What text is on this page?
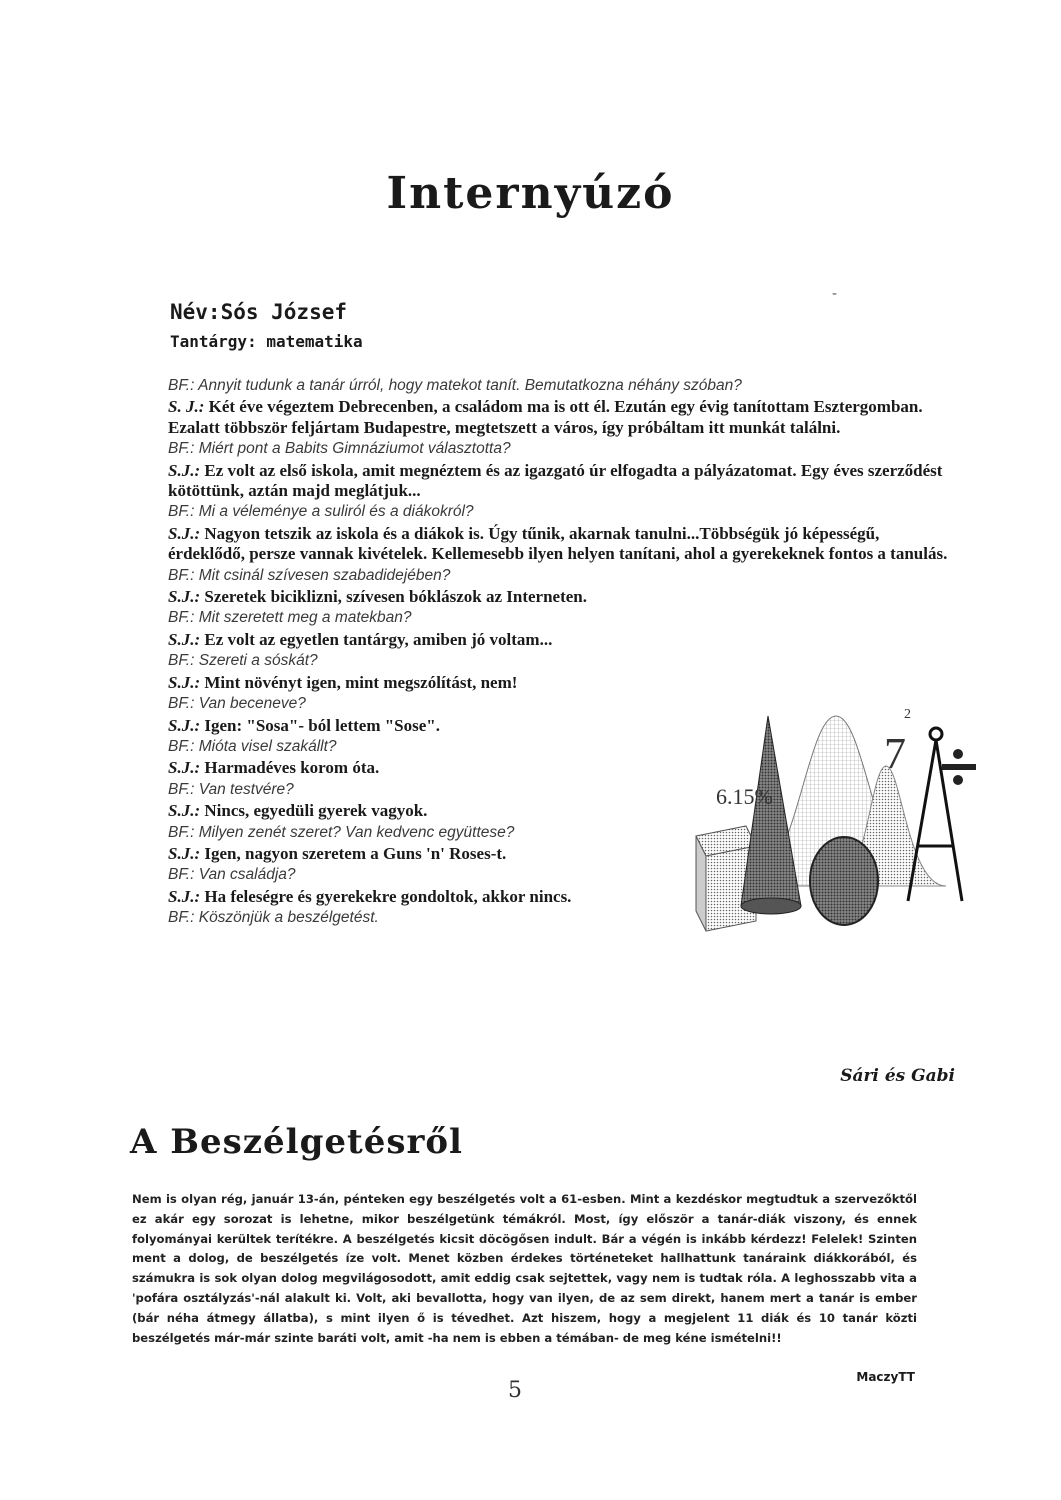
Internyúzó
-
Név:Sós József
Tantárgy: matematika
BF.: Annyit tudunk a tanár úrról, hogy matekot tanít. Bemutatkozna néhány szóban?
S. J.: Két éve végeztem Debrecenben, a családom ma is ott él. Ezután egy évig tanítottam Esztergomban. Ezalatt többször feljártam Budapestre, megtetszett a város, így próbáltam itt munkát találni.
BF.: Miért pont a Babits Gimnáziumot választotta?
S.J.: Ez volt az első iskola, amit megnéztem és az igazgató úr elfogadta a pályázatomat. Egy éves szerződést kötöttünk, aztán majd meglátjuk...
BF.: Mi a véleménye a suliról és a diákokról?
S.J.: Nagyon tetszik az iskola és a diákok is. Úgy tűnik, akarnak tanulni...Többségük jó képességű, érdeklődő, persze vannak kivételek. Kellemesebb ilyen helyen tanítani, ahol a gyerekeknek fontos a tanulás.
BF.: Mit csinál szívesen szabadidejében?
S.J.: Szeretek biciklizni, szívesen bóklászok az Interneten.
BF.: Mit szeretett meg a matekban?
S.J.: Ez volt az egyetlen tantárgy, amiben jó voltam...
BF.: Szereti a sóskát?
S.J.: Mint növényt igen, mint megszólítást, nem!
BF.: Van beceneve?
S.J.: Igen: "Sosa"- ból lettem "Sose".
BF.: Mióta visel szakállt?
S.J.: Harmadéves korom óta.
BF.: Van testvére?
S.J.: Nincs, egyedüli gyerek vagyok.
BF.: Milyen zenét szeret? Van kedvenc együttese?
S.J.: Igen, nagyon szeretem a Guns 'n' Roses-t.
BF.: Van családja?
S.J.: Ha feleségre és gyerekekre gondoltok, akkor nincs.
BF.: Köszönjük a beszélgetést.
6.15%
7
2
Sári és Gabi
A Beszélgetésről
Nem is olyan rég, január 13-án, pénteken egy beszélgetés volt a 61-esben. Mint a kezdéskor megtudtuk a szervezőktől ez akár egy sorozat is lehetne, mikor beszélgetünk témákról. Most, így először a tanár-diák viszony, és ennek folyományai kerültek terítékre. A beszélgetés kicsit döcögősen indult. Bár a végén is inkább kérdezz! Felelek! Szinten ment a dolog, de beszélgetés íze volt. Menet közben érdekes történeteket hallhattunk tanáraink diákkorából, és számukra is sok olyan dolog megvilágosodott, amit eddig csak sejtettek, vagy nem is tudtak róla. A leghosszabb vita a 'pofára osztályzás'-nál alakult ki. Volt, aki bevallotta, hogy van ilyen, de az sem direkt, hanem mert a tanár is ember (bár néha átmegy állatba), s mint ilyen ő is tévedhet. Azt hiszem, hogy a megjelent 11 diák és 10 tanár közti beszélgetés már-már szinte baráti volt, amit -ha nem is ebben a témában- de meg kéne ismételni!!
MaczyTT
5
